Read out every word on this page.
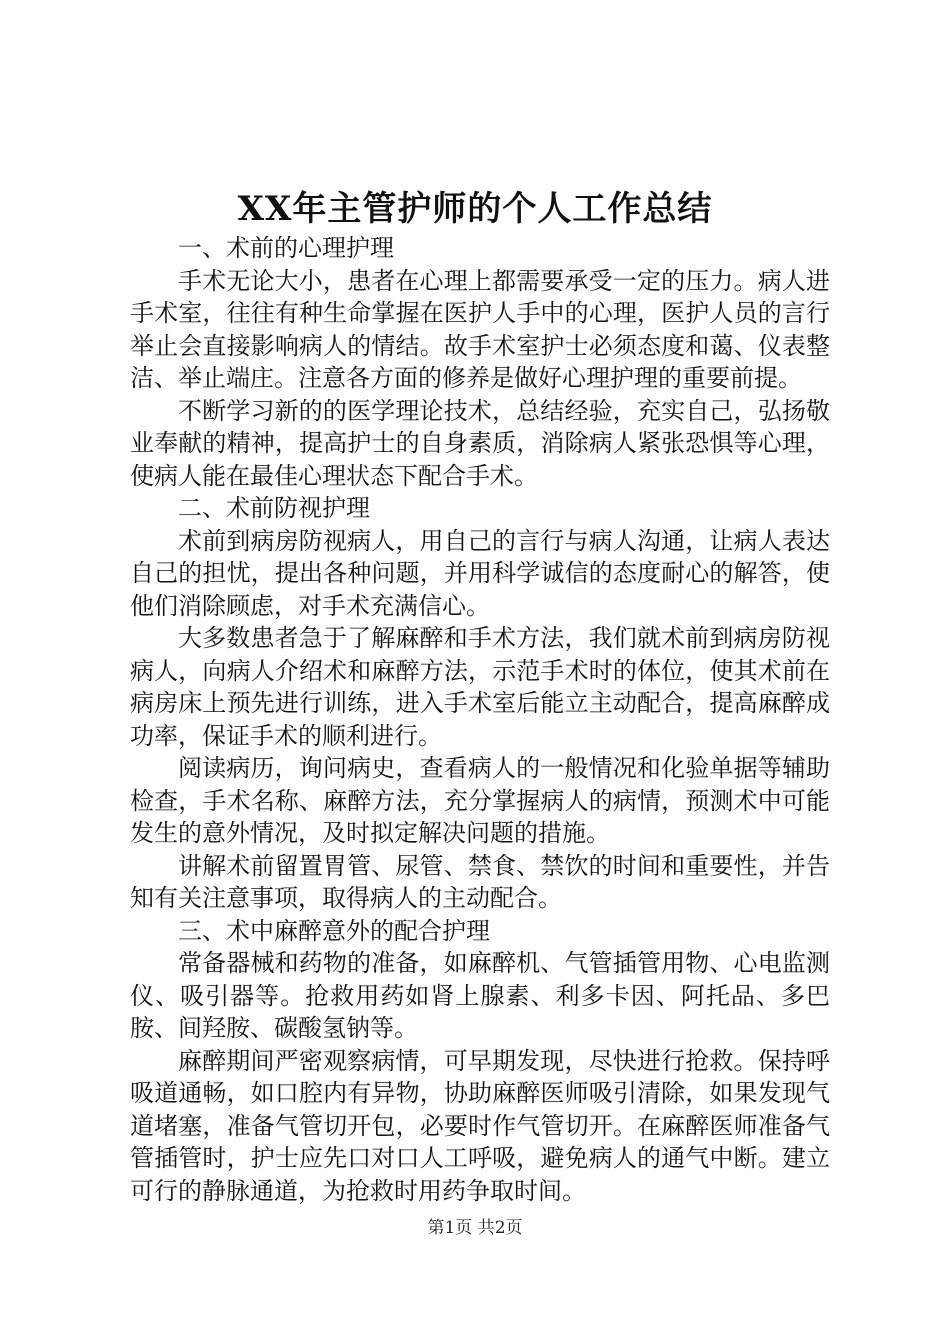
XX年主管护师的个人工作总结

一、术前的心理护理

手术无论大小，患者在心理上都需要承受一定的压力。病人进手术室，往往有种生命掌握在医护人手中的心理，医护人员的言行举止会直接影响病人的情结。故手术室护士必须态度和蔼、仪表整洁、举止端庄。注意各方面的修养是做好心理护理的重要前提。

不断学习新的的医学理论技术，总结经验，充实自己，弘扬敬业奉献的精神，提高护士的自身素质，消除病人紧张恐惧等心理，使病人能在最佳心理状态下配合手术。

二、术前防视护理

术前到病房防视病人，用自己的言行与病人沟通，让病人表达自己的担忧，提出各种问题，并用科学诚信的态度耐心的解答，使他们消除顾虑，对手术充满信心。

大多数患者急于了解麻醉和手术方法，我们就术前到病房防视病人，向病人介绍术和麻醉方法，示范手术时的体位，使其术前在病房床上预先进行训练，进入手术室后能立主动配合，提高麻醉成功率，保证手术的顺利进行。

阅读病历，询问病史，查看病人的一般情况和化验单据等辅助检查，手术名称、麻醉方法，充分掌握病人的病情，预测术中可能发生的意外情况，及时拟定解决问题的措施。

讲解术前留置胃管、尿管、禁食、禁饮的时间和重要性，并告知有关注意事项，取得病人的主动配合。

三、术中麻醉意外的配合护理

常备器械和药物的准备，如麻醉机、气管插管用物、心电监测仪、吸引器等。抢救用药如肾上腺素、利多卡因、阿托品、多巴胺、间羟胺、碳酸氢钠等。

麻醉期间严密观察病情，可早期发现，尽快进行抢救。保持呼吸道通畅，如口腔内有异物，协助麻醉医师吸引清除，如果发现气道堵塞，准备气管切开包，必要时作气管切开。在麻醉医师准备气管插管时，护士应先口对口人工呼吸，避免病人的通气中断。建立可行的静脉通道，为抢救时用药争取时间。

第1页 共2页
